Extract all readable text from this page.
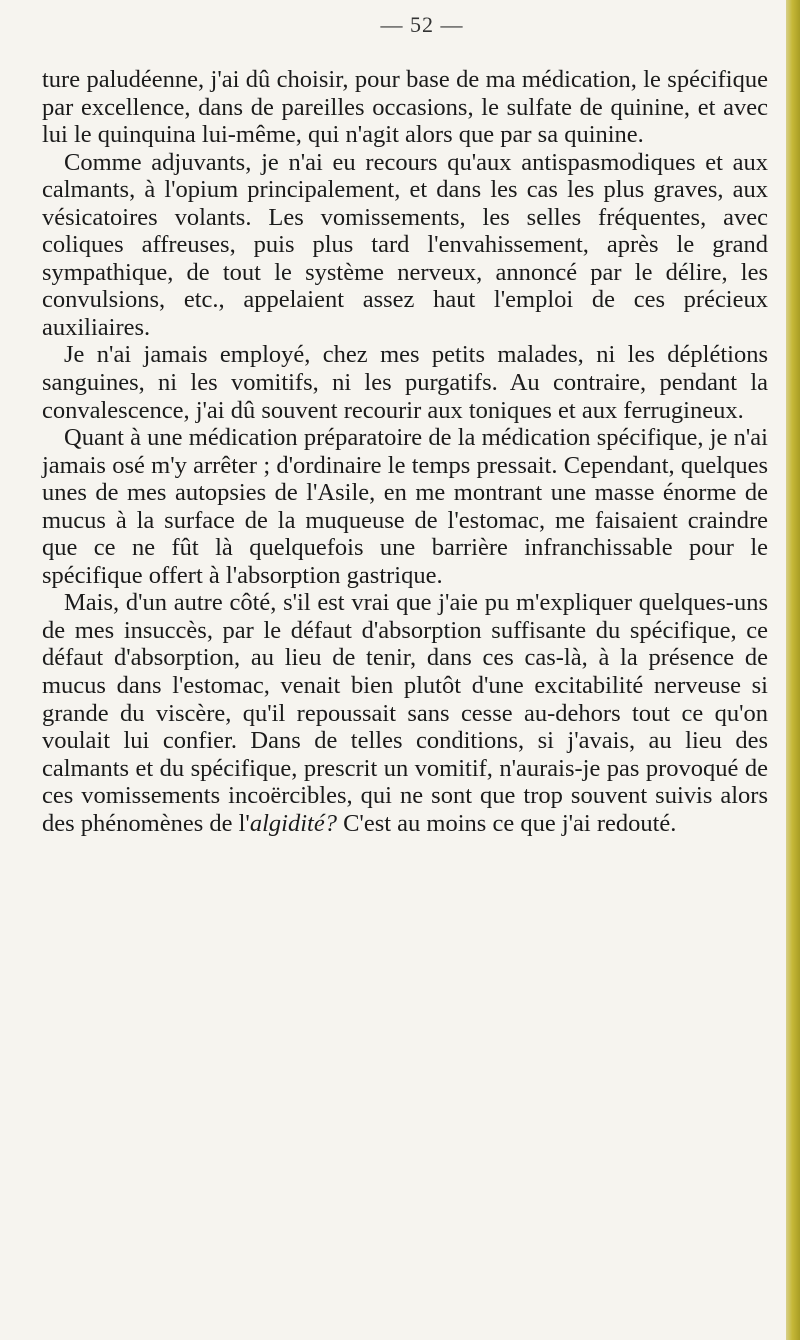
— 52 —

ture paludéenne, j'ai dû choisir, pour base de ma médication, le spécifique par excellence, dans de pareilles occasions, le sulfate de quinine, et avec lui le quinquina lui-même, qui n'agit alors que par sa quinine.

Comme adjuvants, je n'ai eu recours qu'aux antispasmodiques et aux calmants, à l'opium principalement, et dans les cas les plus graves, aux vésicatoires volants. Les vomissements, les selles fréquentes, avec coliques affreuses, puis plus tard l'envahissement, après le grand sympathique, de tout le système nerveux, annoncé par le délire, les convulsions, etc., appelaient assez haut l'emploi de ces précieux auxiliaires.

Je n'ai jamais employé, chez mes petits malades, ni les déplétions sanguines, ni les vomitifs, ni les purgatifs. Au contraire, pendant la convalescence, j'ai dû souvent recourir aux toniques et aux ferrugineux.

Quant à une médication préparatoire de la médication spécifique, je n'ai jamais osé m'y arrêter ; d'ordinaire le temps pressait. Cependant, quelques unes de mes autopsies de l'Asile, en me montrant une masse énorme de mucus à la surface de la muqueuse de l'estomac, me faisaient craindre que ce ne fût là quelquefois une barrière infranchissable pour le spécifique offert à l'absorption gastrique.

Mais, d'un autre côté, s'il est vrai que j'aie pu m'expliquer quelques-uns de mes insuccès, par le défaut d'absorption suffisante du spécifique, ce défaut d'absorption, au lieu de tenir, dans ces cas-là, à la présence de mucus dans l'estomac, venait bien plutôt d'une excitabilité nerveuse si grande du viscère, qu'il repoussait sans cesse au-dehors tout ce qu'on voulait lui confier. Dans de telles conditions, si j'avais, au lieu des calmants et du spécifique, prescrit un vomitif, n'aurais-je pas provoqué de ces vomissements incoërcibles, qui ne sont que trop souvent suivis alors des phénomènes de l'algidité? C'est au moins ce que j'ai redouté.
